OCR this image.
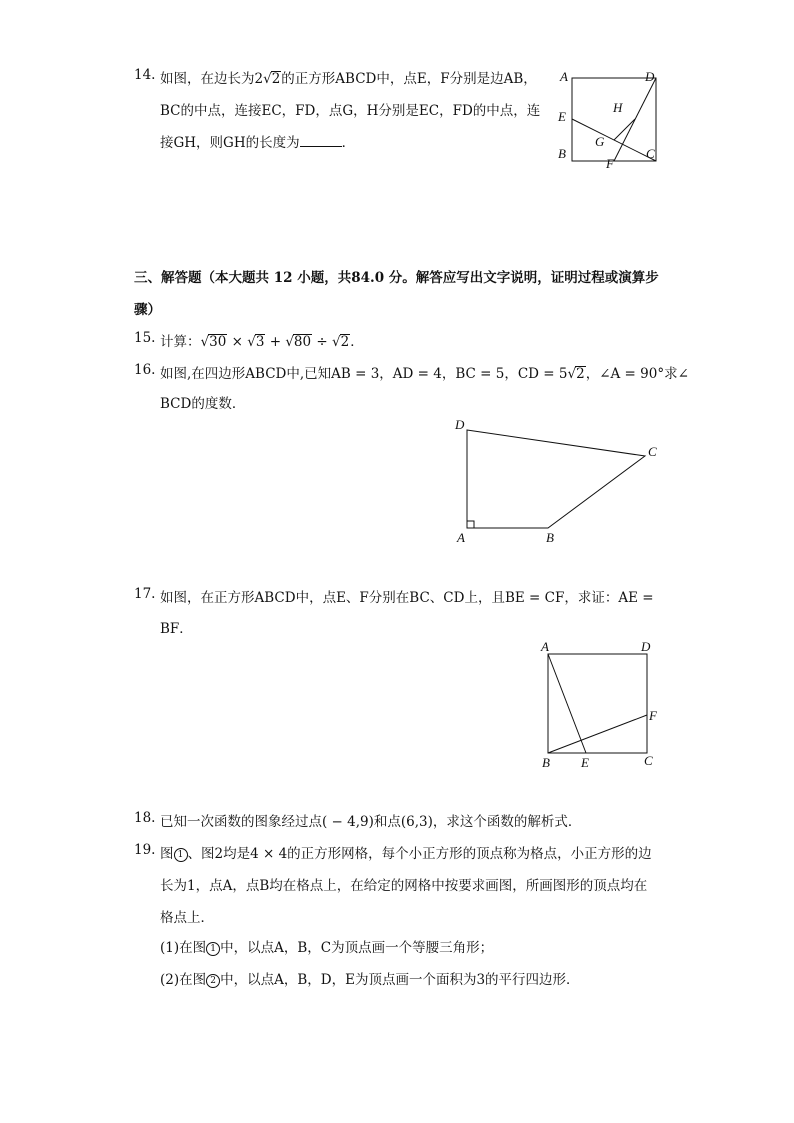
14. 如图，在边长为2√2的正方形ABCD中，点E，F分别是边AB，
BC的中点，连接EC，FD，点G，H分别是EC，FD的中点，连
接GH，则GH的长度为	．
A	D
E
H
G
B
F
C
三、解答题（本大题共 12 小题，共84.0 分。解答应写出文字说明，证明过程或演算步
骤）
15. 计算：√30 × √3 + √80 ÷ √2．
16. 如图,在四边形ABCD中,已知AB = 3，AD = 4，BC = 5，CD = 5√2，∠A = 90°求∠
BCD的度数．
D
C
A	B
17. 如图，在正方形ABCD中，点E、F分别在BC、CD上，且BE = CF，求证：AE =
BF．
A	D
F
B E	C
18. 已知一次函数的图象经过点( − 4,9)和点(6,3)，求这个函数的解析式．
19. 图 1 、图2均是4 × 4的正方形网格，每个小正方形的顶点称为格点，小正方形的边
长为1，点A，点B均在格点上，在给定的网格中按要求画图，所画图形的顶点均在
格点上．
(1)在图 1 中，以点A，B，C为顶点画一个等腰三角形；
(2)在图 2 中，以点A，B，D，E为顶点画一个面积为3的平行四边形．
